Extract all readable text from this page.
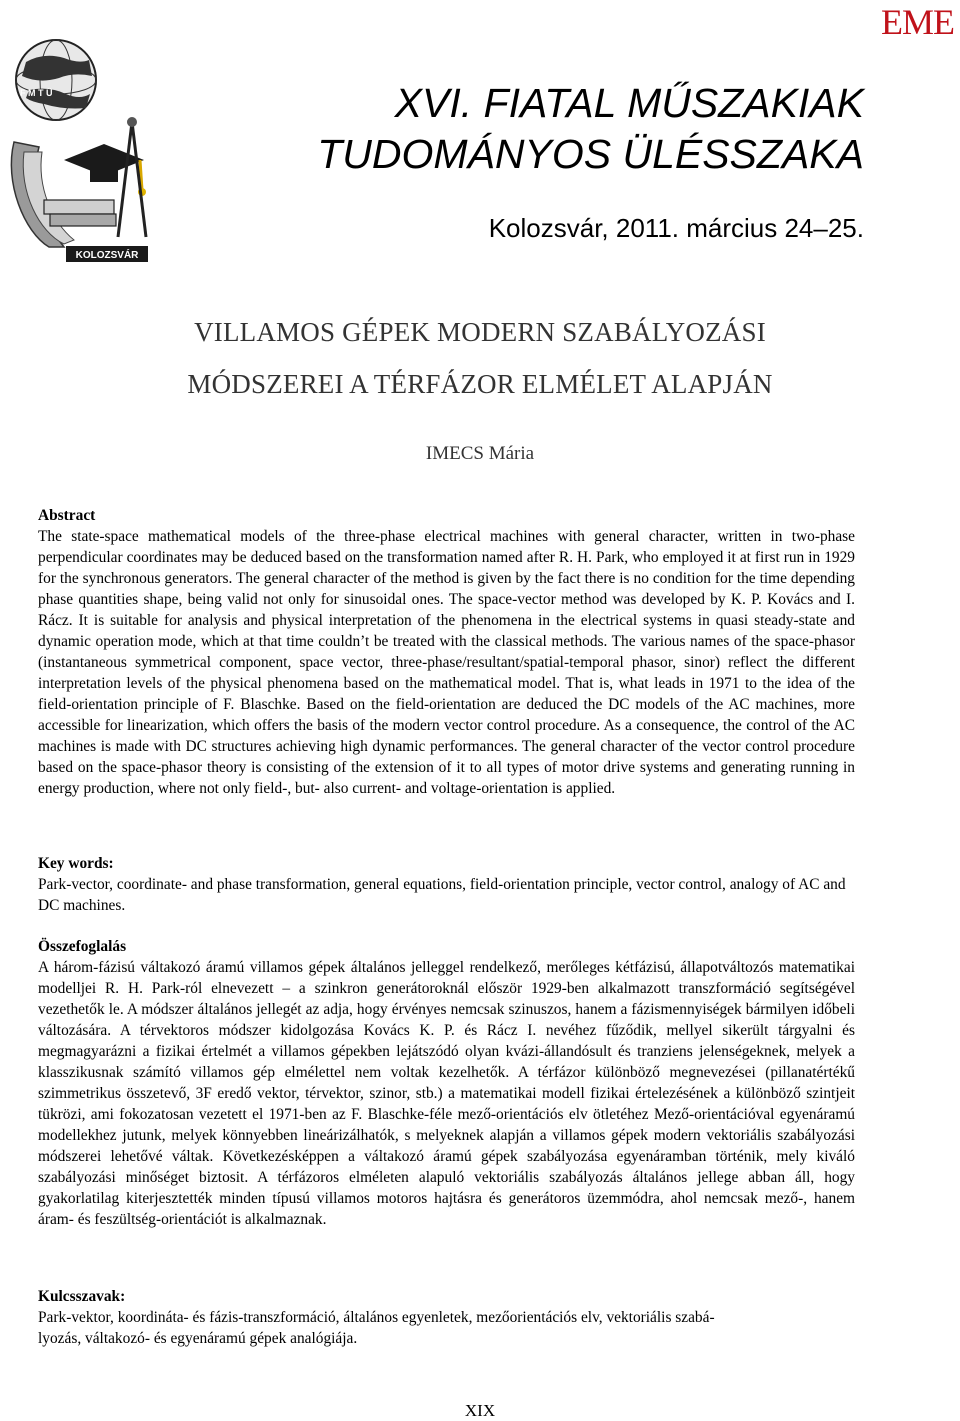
F M T Ü
KOLOZSVÁR
EME
XVI. FIATAL MŰSZAKIAK
TUDOMÁNYOS ÜLÉSSZAKA
Kolozsvár, 2011. március 24–25.
VILLAMOS GÉPEK MODERN SZABÁLYOZÁSI
MÓDSZEREI A TÉRFÁZOR ELMÉLET ALAPJÁN
IMECS Mária
Abstract

The state-space mathematical models of the three-phase electrical machines with general character, written in two-phase perpendicular coordinates may be deduced based on the transformation named after R. H. Park, who employed it at first run in 1929 for the synchronous generators. The general character of the method is given by the fact there is no condition for the time depending phase quantities shape, being valid not only for sinusoidal ones. The space-vector method was developed by K. P. Kovács and I. Rácz. It is suitable for analysis and physical interpretation of the phenomena in the electrical systems in quasi steady-state and dynamic operation mode, which at that time couldn’t be treated with the classical methods. The various names of the space-phasor (instantaneous symmetrical component, space vector, three-phase/resultant/spatial-temporal phasor, sinor) reflect the different interpretation levels of the physical phenomena based on the mathematical model. That is, what leads in 1971 to the idea of the field-orientation principle of F. Blaschke. Based on the field-orientation are deduced the DC models of the AC machines, more accessible for linearization, which offers the basis of the modern vector control procedure. As a consequence, the control of the AC machines is made with DC structures achieving high dynamic performances. The general character of the vector control procedure based on the space-phasor theory is consisting of the extension of it to all types of motor drive systems and generating running in energy production, where not only field-, but- also current- and voltage-orientation is applied.

Key words:

Park-vector, coordinate- and phase transformation, general equations, field-orientation principle, vector control, analogy of AC and DC machines.

Összefoglalás

A három-fázisú váltakozó áramú villamos gépek általános jelleggel rendelkező, merőleges kétfázisú, állapotváltozós matematikai modelljei R. H. Park-ról elnevezett – a szinkron generátoroknál először 1929-ben alkalmazott transzformáció segítségével vezethetők le. A módszer általános jellegét az adja, hogy érvényes nemcsak szinuszos, hanem a fázismennyiségek bármilyen időbeli változására. A térvektoros módszer kidolgozása Kovács K. P. és Rácz I. nevéhez fűződik, mellyel sikerült tárgyalni és megmagyarázni a fizikai értelmét a villamos gépekben lejátszódó olyan kvázi-állandósult és tranziens jelenségeknek, melyek a klasszikusnak számító villamos gép elmélettel nem voltak kezelhetők. A térfázor különböző megnevezései (pillanatértékű szimmetrikus összetevő, 3F eredő vektor, térvektor, szinor, stb.) a matematikai modell fizikai értelezésének a különböző szintjeit tükrözi, ami fokozatosan vezetett el 1971-ben az F. Blaschke-féle mező-orientációs elv ötletéhez Mező-orientációval egyenáramú modellekhez jutunk, melyek könnyebben lineárizálhatók, s melyeknek alapján a villamos gépek modern vektoriális szabályozási módszerei lehetővé váltak. Következésképpen a váltakozó áramú gépek szabályozása egyenáramban történik, mely kiváló szabályozási minőséget biztosit. A térfázoros elméleten alapuló vektoriális szabályozás általános jellege abban áll, hogy gyakorlatilag kiterjesztették minden típusú villamos motoros hajtásra és generátoros üzemmódra, ahol nemcsak mező-, hanem áram- és feszültség-orientációt is alkalmaznak.

Kulcsszavak:

Park-vektor, koordináta- és fázis-transzformáció, általános egyenletek, mezőorientációs elv, vektoriális szabá-

lyozás, váltakozó- és egyenáramú gépek analógiája.

XIX
